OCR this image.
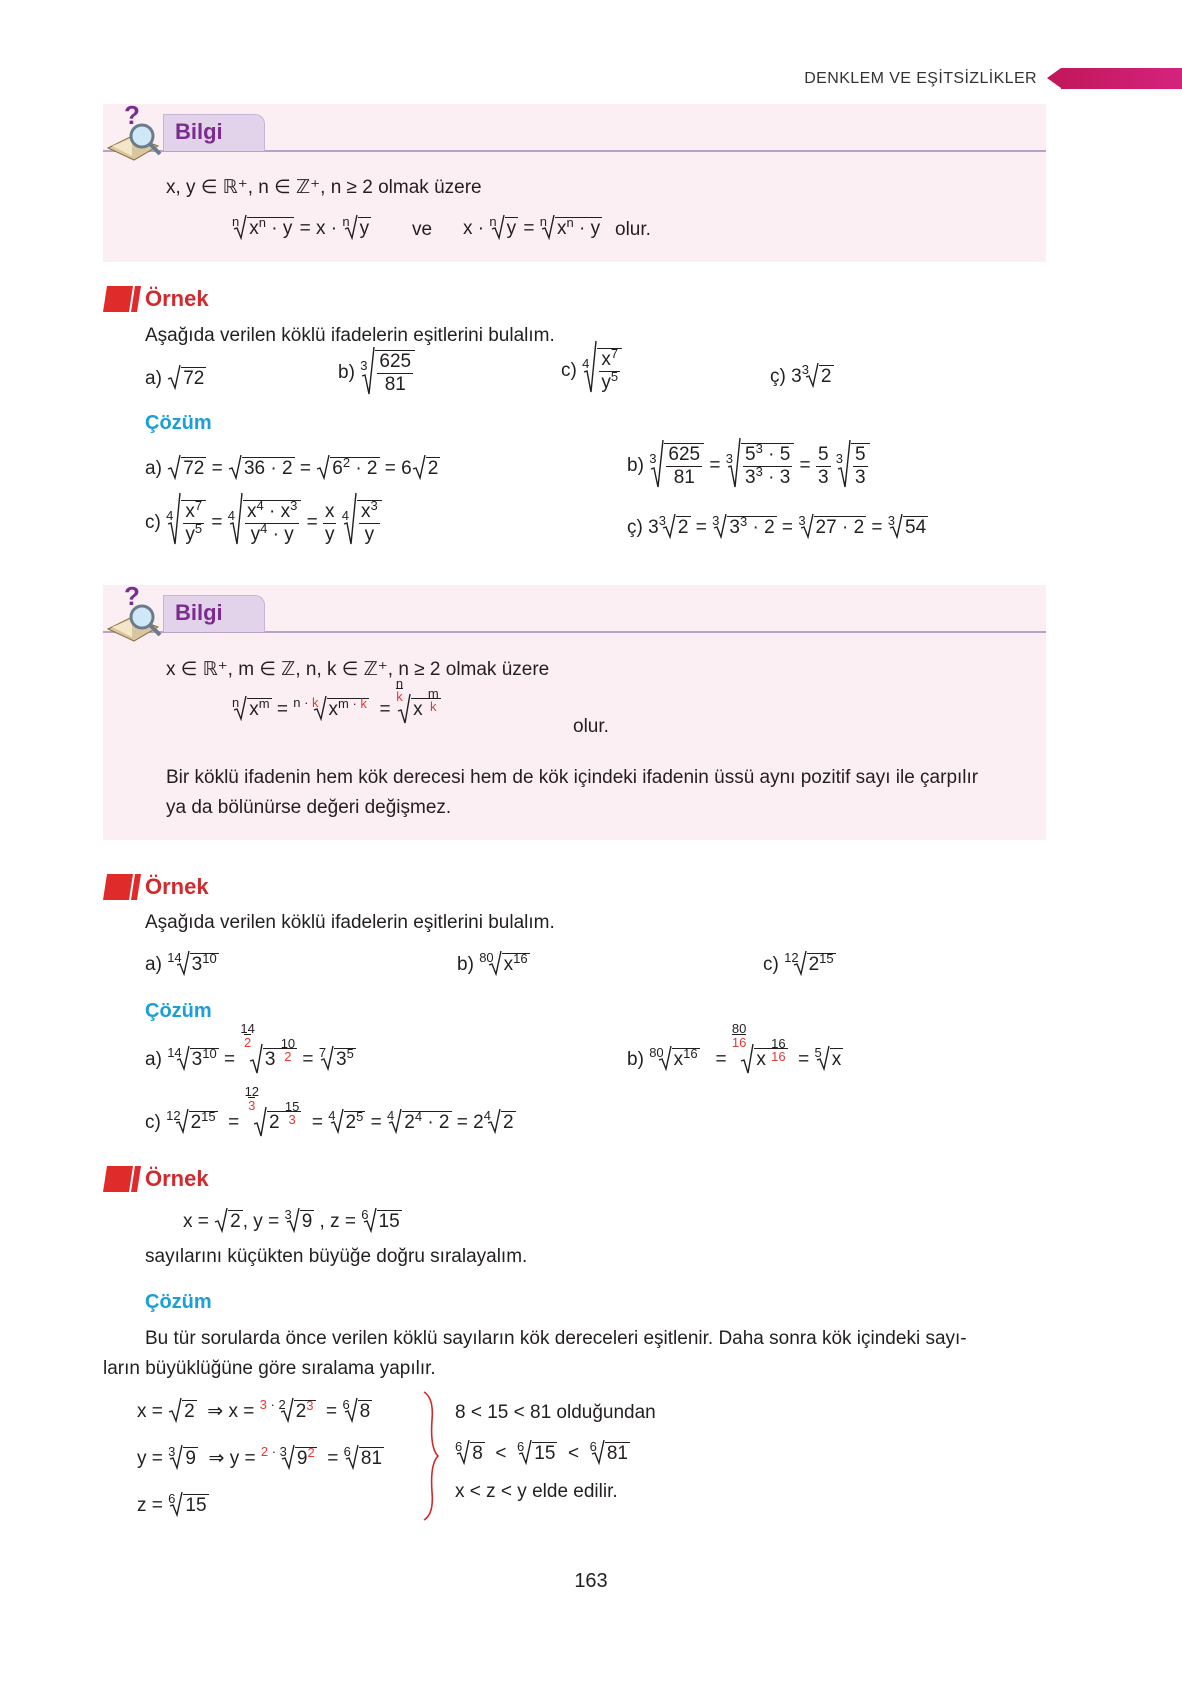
DENKLEM VE EŞİTSİZLİKLER
Bilgi
?
x, y ∈ ℝ⁺, n ∈ ℤ⁺, n ≥ 2 olmak üzere
$^n$ $x^n \cdot y = x \cdot ^n$ y ve x · $^n$ y = $^n$ $x^n \cdot y$ olur.
Örnek
Aşağıda verilen köklü ifadelerin eşitlerini bulalım.
a)
72	b) $^3 \frac{625}{81}$	c) $^4 \frac{x^7}{y^5}$	ç) $3^3$ 2
Çözüm
a)
72 =
36 · 2 =
$6^2 \cdot 2 = 6$ 2	b) $^3 \frac{625}{81} = ^3 \frac{5^3 \cdot 5}{3^3 \cdot 3} = \frac{5}{3} ^3 \frac{5}{3}$
c) $^4 \frac{x^7}{y^5} = ^4 \frac{x^4 \cdot x^3}{y^4 \cdot y} = \frac{x}{y} ^4 \frac{x^3}{y}$	ç) $3^3$ 2 = $^3$ $3^3 \cdot 2 = ^3$ 27 · 2 = $^3$ 54
Bilgi
?
x ∈ ℝ⁺, m ∈ ℤ, n, k ∈ ℤ⁺, n ≥ 2 olmak üzere
$^n$ $x^m = ^{n \cdot k}$ $x^{m \cdot k} = n$
k
x m
k
olur.
Bir köklü ifadenin hem kök derecesi hem de kök içindeki ifadenin üssü aynı pozitif sayı ile çarpılır
ya da bölünürse değeri değişmez.
Örnek
Aşağıda verilen köklü ifadelerin eşitlerini bulalım.
a) $^{14}$ $3^{10}$	b) $^{80}$ $x^{16}$	c) $^{12}$ $2^{15}$
Çözüm
a) $^{14}$ $3^{10} = 14$
2
3 10
2 = $^7$ $3^5$	b) $^{80}$ $x^{16} = 80$
16
x 16
16  = $^5$ x
c) $^{12}$ $2^{15} = 12$
3
2 15
3  = $^4$ $2^5 = ^4$ $2^4 \cdot 2 = 2^4$ 2
Örnek
x =
2 , y = $^3$ 9 , z = $^6$ 15
sayılarını küçükten büyüğe doğru sıralayalım.
Çözüm
Bu tür sorularda önce verilen köklü sayıların kök dereceleri eşitlenir. Daha sonra kök içindeki sayı-
ların büyüklüğüne göre sıralama yapılır.
x =
2  ⇒ x = $^{3 \cdot 2}$ $2^3 = ^6$ 8
y = $^3$ 9  ⇒ y = $^{2 \cdot 3}$ $9^2 = ^6$ 81
z = $^6$ 15
8 < 15 < 81 olduğundan
$^6$ 8  <  $^6$ 15  <  $^6$ 81
x < z < y elde edilir.
163
